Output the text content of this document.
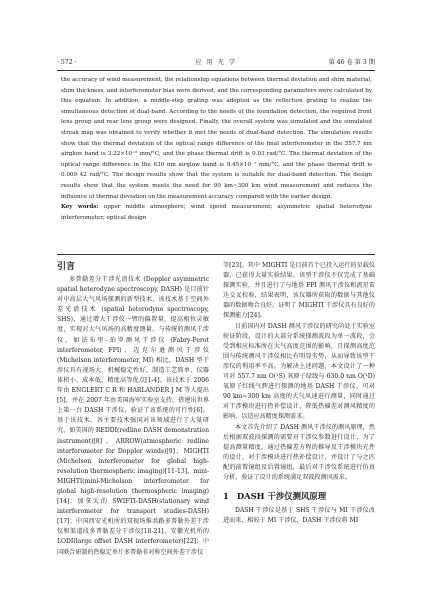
· 572 ·	应 用 光 学	第 46 卷 第 3 期

the accuracy of wind measurement, the relationship equations between thermal deviation and shim material, shim thickness, and interferometer bias were derived, and the corresponding parameters were calculated by this equation. In addition, a middle-step grating was adopted as the reflection grating to realize the simultaneous detection of dual-band. According to the needs of the foundation detection, the required front lens group and rear lens group were designed. Finally, the overall system was simulated and the simulated streak map was obtained to verify whether it met the needs of dual-band detection. The simulation results show that the thermal deviation of the optical range difference of the final interferometer in the 557.7 nm airglow band is 3.22×10⁻⁶ mm/°C, and the phase thermal drift is 0.03 rad/°C. The thermal deviation of the optical range difference in the 630 nm airglow band is 9.45×10⁻⁷ mm/°C, and the phase thermal drift is 0.009 42 rad/°C. The design results show that the system is suitable for dual-band detection. The design results show that the system meets the need for 90 km~300 km wind measurement and reduces the influence of thermal deviation on the measurement accuracy compared with the earlier design.

Key words: upper middle atmosphere; wind speed measurement; asymmetric spatial heterodyne interferometer; optical design

引言

多普勒差分干涉光谱技术 (Doppler asymmetric spatial heterodyne spectroscopy, DASH) 是目前针对中高层大气风场探测的新型技术，该技术基于空间外差光谱技术 (spatial heterodyne spectroscopy, SHS)，通过增大干涉仪一臂的偏置量，提高相位灵敏度，实现对大气风场的高精度测量。与传统的测风干涉仪，如法布里-珀罗测风干涉仪 (Fabry-Perot interferometer, FPI)、迈克尔逊测风干涉仪 (Michelson interferometer, MI) 相比，DASH 型干涉仪具有视场大、机械稳定性好、制造工艺简单、仪器体积小、成本低、精度高等优点[1-4]。该技术于 2006 年由 ENGLERT C R 和 HARLANDER J M 等人提出[5]。并在 2007 年由美国海军实验室支持，搭建出世界上第一台 DASH 干涉仪，验证了该系统的可行性[6]。基于该技术，各主要技术强国对该领域进行了大量研究，如美国的 REDDI(redline DASH demonstration instrument)[8]、ARROW(atmospheric redline interferometer for Doppler winds)[9]、MIGHTI (Michelson interferometer for global high-resolution thermospheric imaging)[11-13]、mini-MIGHTI(mini-Michelson interferometer for global high-resolution thermospheric imaging)[14]；加拿大的 SWIFTI-DASH(stationary wind interferometer for transport studies-DASH)[17]；中国西安光机所的双视场推共路多普勒外差干涉仪和渠道段多普勒差分干涉仪[18-21]、安徽光机所的 LODI(large offset DASH interferometer)[22]；中国联合研制的热稳定单片多普勒非对称空间外差干涉仪

等[23]。其中 MIGHTI 是目前首个已投入运行的星载仪器，已获得大量实验结果。该型干涉仪不仅完成了基础探测实验，并且进行了与地基 FPI 测风干涉仪和流星雷达交叉校验，结果表明，该仪器所获取的数据与其他仪器的数据吻合良好，证明了 MIGHTI 干涉仪具有良好的探测能力[24]。

目前国内对 DASH 测风干涉仪的研究尚处于实验室验证阶段，设计的大部分系统探测波段为单一波段，会受到相应标准所在大气高度范围的影响，且探测高度范围与传统测风干涉仪相比有明显劣势，从而导致该型干涉仪的利用率不高。为解决上述问题，本文设计了一种可对 557.7 nm O(¹S) 氧原子绿线与 630.0 nm O(¹D) 氧原子红线气辉进行探测的地基 DASH 干涉仪，可对 90 km~300 km 高度的大气风速进行测量，同时通过对干涉模块进行热补偿设计，降低热偏差对测风精度的影响，以适应高精度探测需求。

本文首先介绍了 DASH 测风干涉仪的测风原理，然后根据双波段探测的需要对干涉仪参数进行设计，为了提高测量精度，通过热偏差方程的推导及干涉模块光件的设计，对干涉模块进行热补偿设计，并设计了与之匹配的前置镜组及后置镜组，最后对干涉仪系统进行仿真分析，验证了设计的系统满足双波段测风需求。

1 DASH 干涉仪测风原理

DASH 干涉仪是基于 SHS 干涉仪与 MI 干涉仪改进而来，相较于 MI 干涉仪，DASH 干涉仪将 MI
